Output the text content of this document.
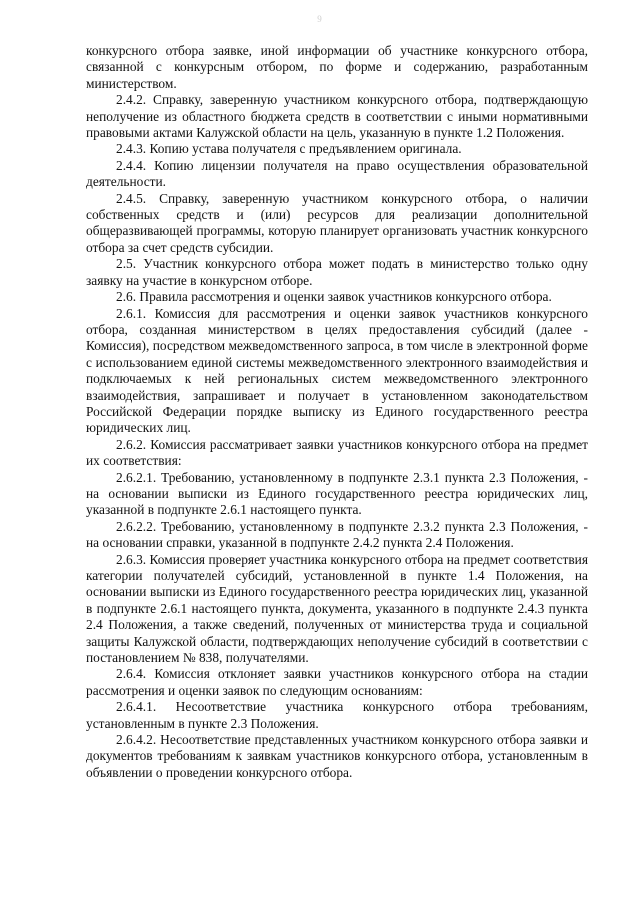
9

конкурсного отбора заявке, иной информации об участнике конкурсного отбора, связанной с конкурсным отбором, по форме и содержанию, разработанным министерством.

2.4.2. Справку, заверенную участником конкурсного отбора, подтверждающую неполучение из областного бюджета средств в соответствии с иными нормативными правовыми актами Калужской области на цель, указанную в пункте 1.2 Положения.

2.4.3. Копию устава получателя с предъявлением оригинала.

2.4.4. Копию лицензии получателя на право осуществления образовательной деятельности.

2.4.5. Справку, заверенную участником конкурсного отбора, о наличии собственных средств и (или) ресурсов для реализации дополнительной общеразвивающей программы, которую планирует организовать участник конкурсного отбора за счет средств субсидии.

2.5. Участник конкурсного отбора может подать в министерство только одну заявку на участие в конкурсном отборе.

2.6. Правила рассмотрения и оценки заявок участников конкурсного отбора.

2.6.1. Комиссия для рассмотрения и оценки заявок участников конкурсного отбора, созданная министерством в целях предоставления субсидий (далее - Комиссия), посредством межведомственного запроса, в том числе в электронной форме с использованием единой системы межведомственного электронного взаимодействия и подключаемых к ней региональных систем межведомственного электронного взаимодействия, запрашивает и получает в установленном законодательством Российской Федерации порядке выписку из Единого государственного реестра юридических лиц.

2.6.2. Комиссия рассматривает заявки участников конкурсного отбора на предмет их соответствия:

2.6.2.1. Требованию, установленному в подпункте 2.3.1 пункта 2.3 Положения, - на основании выписки из Единого государственного реестра юридических лиц, указанной в подпункте 2.6.1 настоящего пункта.

2.6.2.2. Требованию, установленному в подпункте 2.3.2 пункта 2.3 Положения, - на основании справки, указанной в подпункте 2.4.2 пункта 2.4 Положения.

2.6.3. Комиссия проверяет участника конкурсного отбора на предмет соответствия категории получателей субсидий, установленной в пункте 1.4 Положения, на основании выписки из Единого государственного реестра юридических лиц, указанной в подпункте 2.6.1 настоящего пункта, документа, указанного в подпункте 2.4.3 пункта 2.4 Положения, а также сведений, полученных от министерства труда и социальной защиты Калужской области, подтверждающих неполучение субсидий в соответствии с постановлением № 838, получателями.

2.6.4. Комиссия отклоняет заявки участников конкурсного отбора на стадии рассмотрения и оценки заявок по следующим основаниям:

2.6.4.1. Несоответствие участника конкурсного отбора требованиям, установленным в пункте 2.3 Положения.

2.6.4.2. Несоответствие представленных участником конкурсного отбора заявки и документов требованиям к заявкам участников конкурсного отбора, установленным в объявлении о проведении конкурсного отбора.
